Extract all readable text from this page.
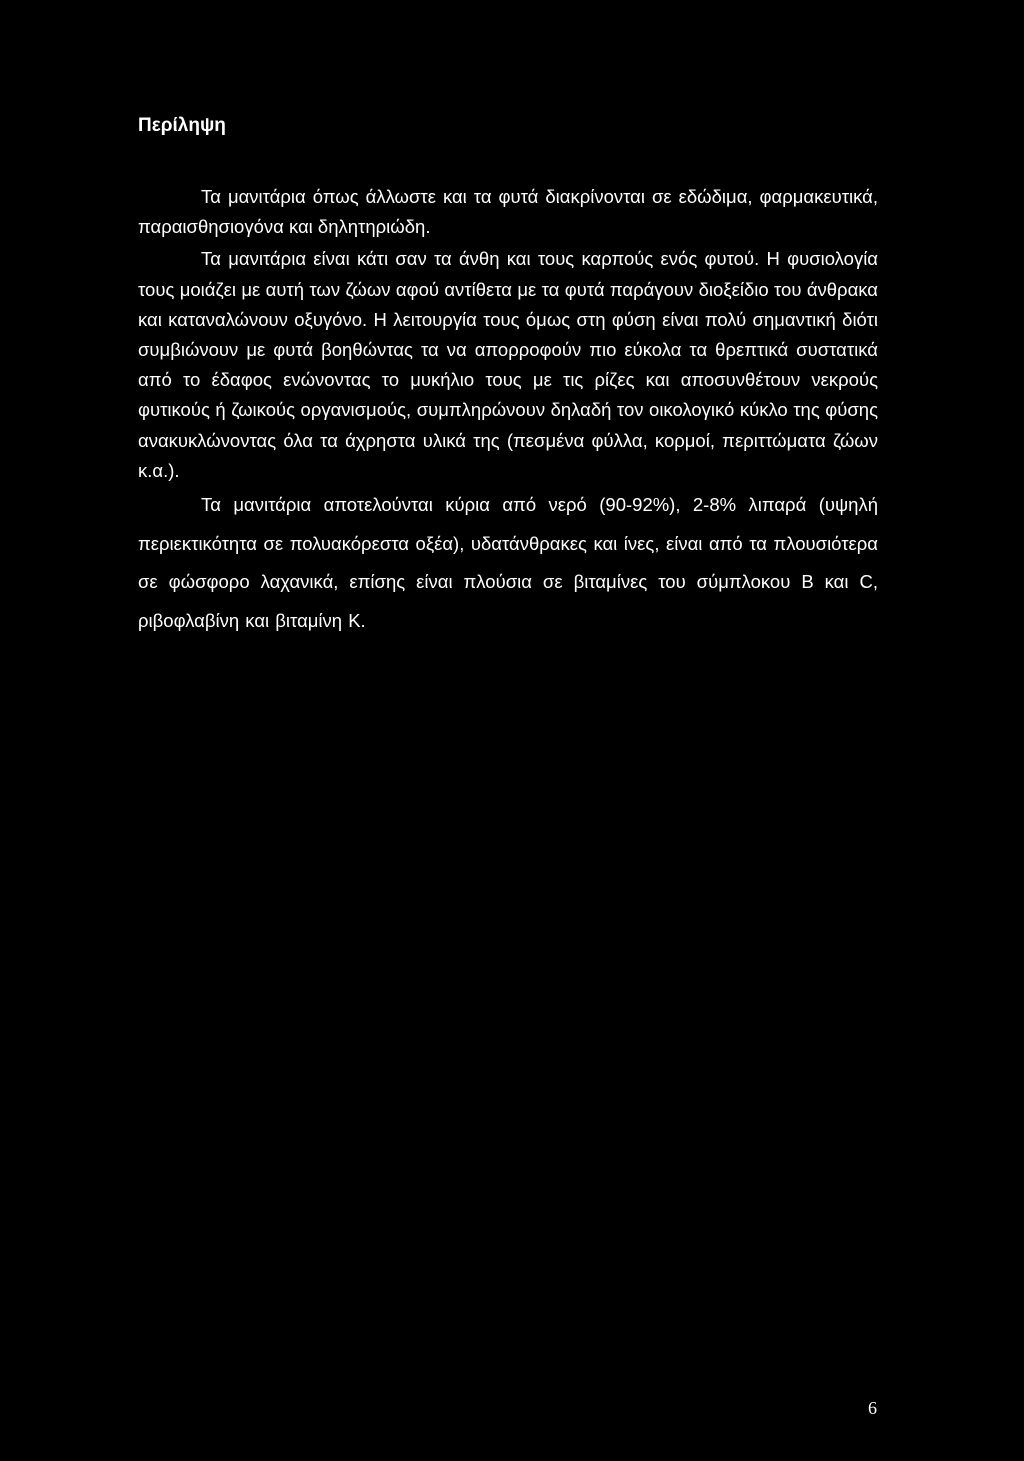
Περίληψη

Τα μανιτάρια όπως άλλωστε και τα φυτά διακρίνονται σε εδώδιμα, φαρμακευτικά, παραισθησιογόνα και δηλητηριώδη.

Τα μανιτάρια είναι κάτι σαν τα άνθη και τους καρπούς ενός φυτού. Η φυσιολογία τους μοιάζει με αυτή των ζώων αφού αντίθετα με τα φυτά παράγουν διοξείδιο του άνθρακα και καταναλώνουν οξυγόνο. Η λειτουργία τους όμως στη φύση είναι πολύ σημαντική διότι συμβιώνουν με φυτά βοηθώντας τα να απορροφούν πιο εύκολα τα θρεπτικά συστατικά από το έδαφος ενώνοντας το μυκήλιο τους με τις ρίζες και αποσυνθέτουν νεκρούς φυτικούς ή ζωικούς οργανισμούς, συμπληρώνουν δηλαδή τον οικολογικό κύκλο της φύσης ανακυκλώνοντας όλα τα άχρηστα υλικά της (πεσμένα φύλλα, κορμοί, περιττώματα ζώων κ.α.).

Τα μανιτάρια αποτελούνται κύρια από νερό (90-92%), 2-8% λιπαρά (υψηλή περιεκτικότητα σε πολυακόρεστα οξέα), υδατάνθρακες και ίνες, είναι από τα πλουσιότερα σε φώσφορο λαχανικά, επίσης είναι πλούσια σε βιταμίνες του σύμπλοκου Β και C, ριβοφλαβίνη και βιταμίνη Κ.

6
